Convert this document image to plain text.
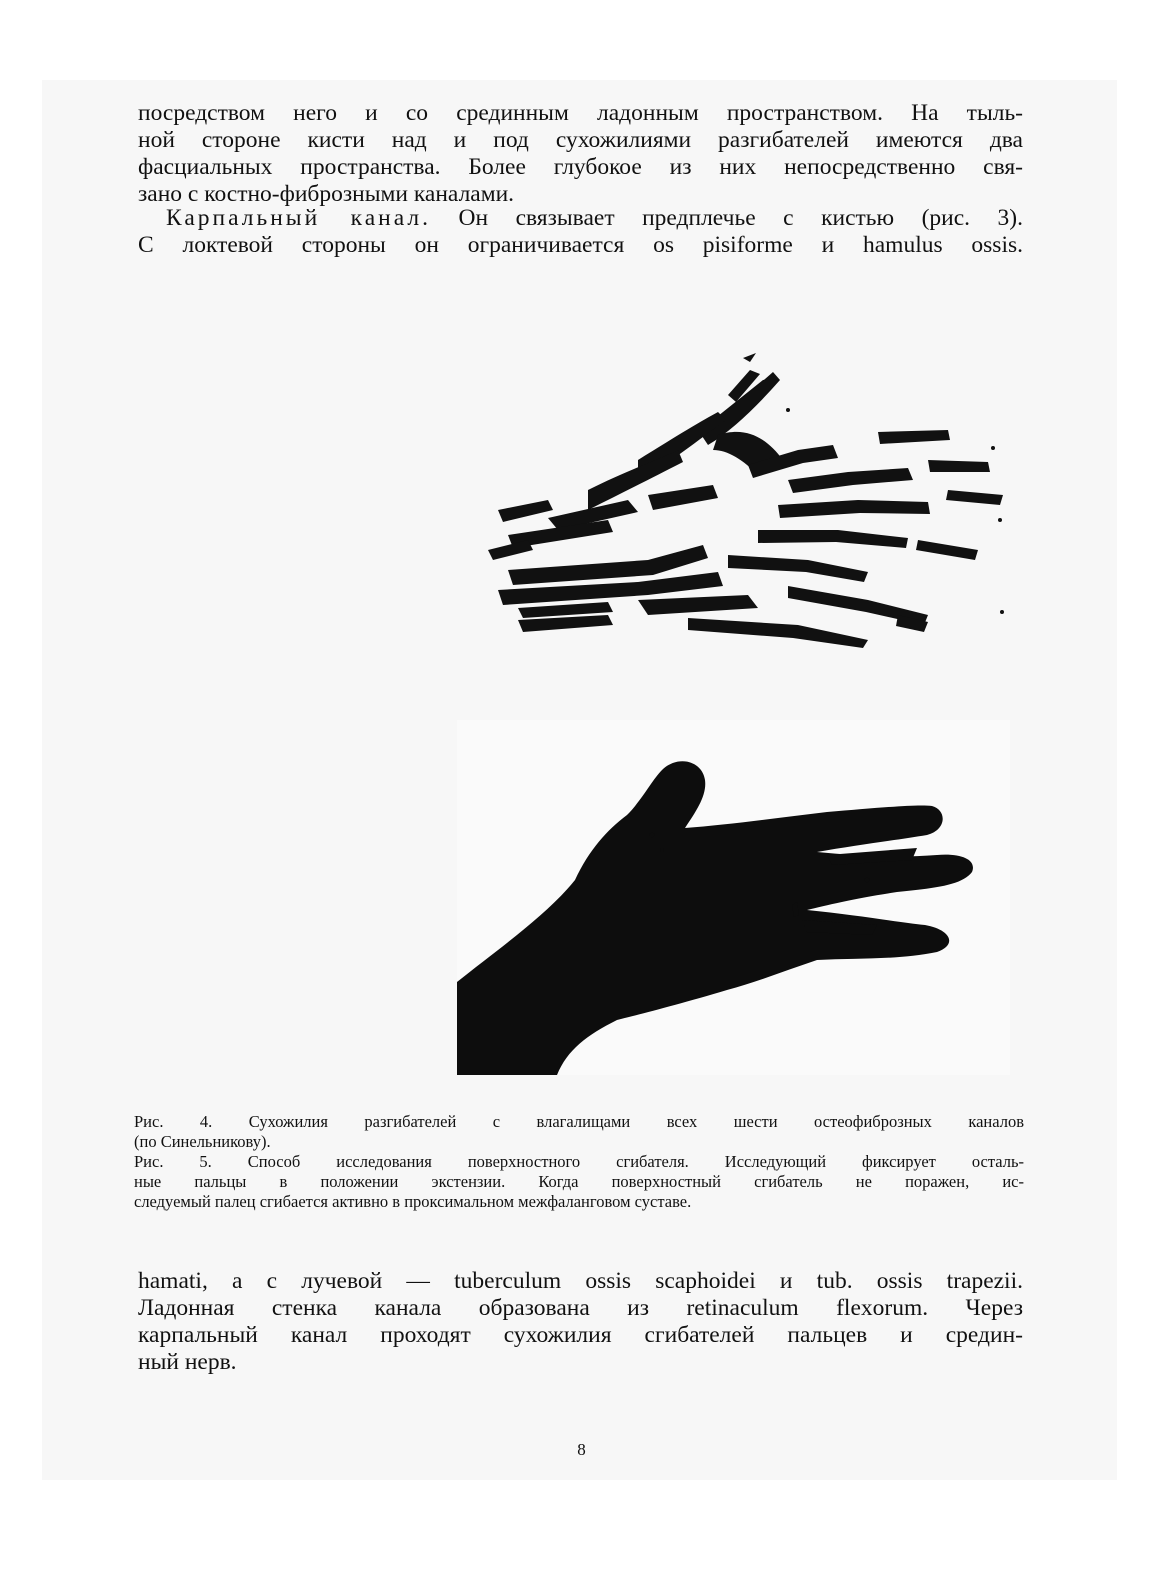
посредством него и со срединным ладонным пространством. На тыль-
ной стороне кисти над и под сухожилиями разгибателей имеются два
фасциальных пространства. Более глубокое из них непосредственно свя-
зано с костно-фиброзными каналами.

Карпальный канал. Он связывает предплечье с кистью (рис. 3).
С локтевой стороны он ограничивается os pisiforme и hamulus ossis.

Рис. 4. Сухожилия разгибателей с влагалищами всех шести остеофиброзных каналов
(по Синельникову).
Рис. 5. Способ исследования поверхностного сгибателя. Исследующий фиксирует осталь-
ные пальцы в положении экстензии. Когда поверхностный сгибатель не поражен, ис-
следуемый палец сгибается активно в проксимальном межфаланговом суставе.

hamati, а с лучевой — tuberculum ossis scaphoidei и tub. ossis trapezii.
Ладонная стенка канала образована из retinaculum flexorum. Через
карпальный канал проходят сухожилия сгибателей пальцев и средин-
ный нерв.

8
